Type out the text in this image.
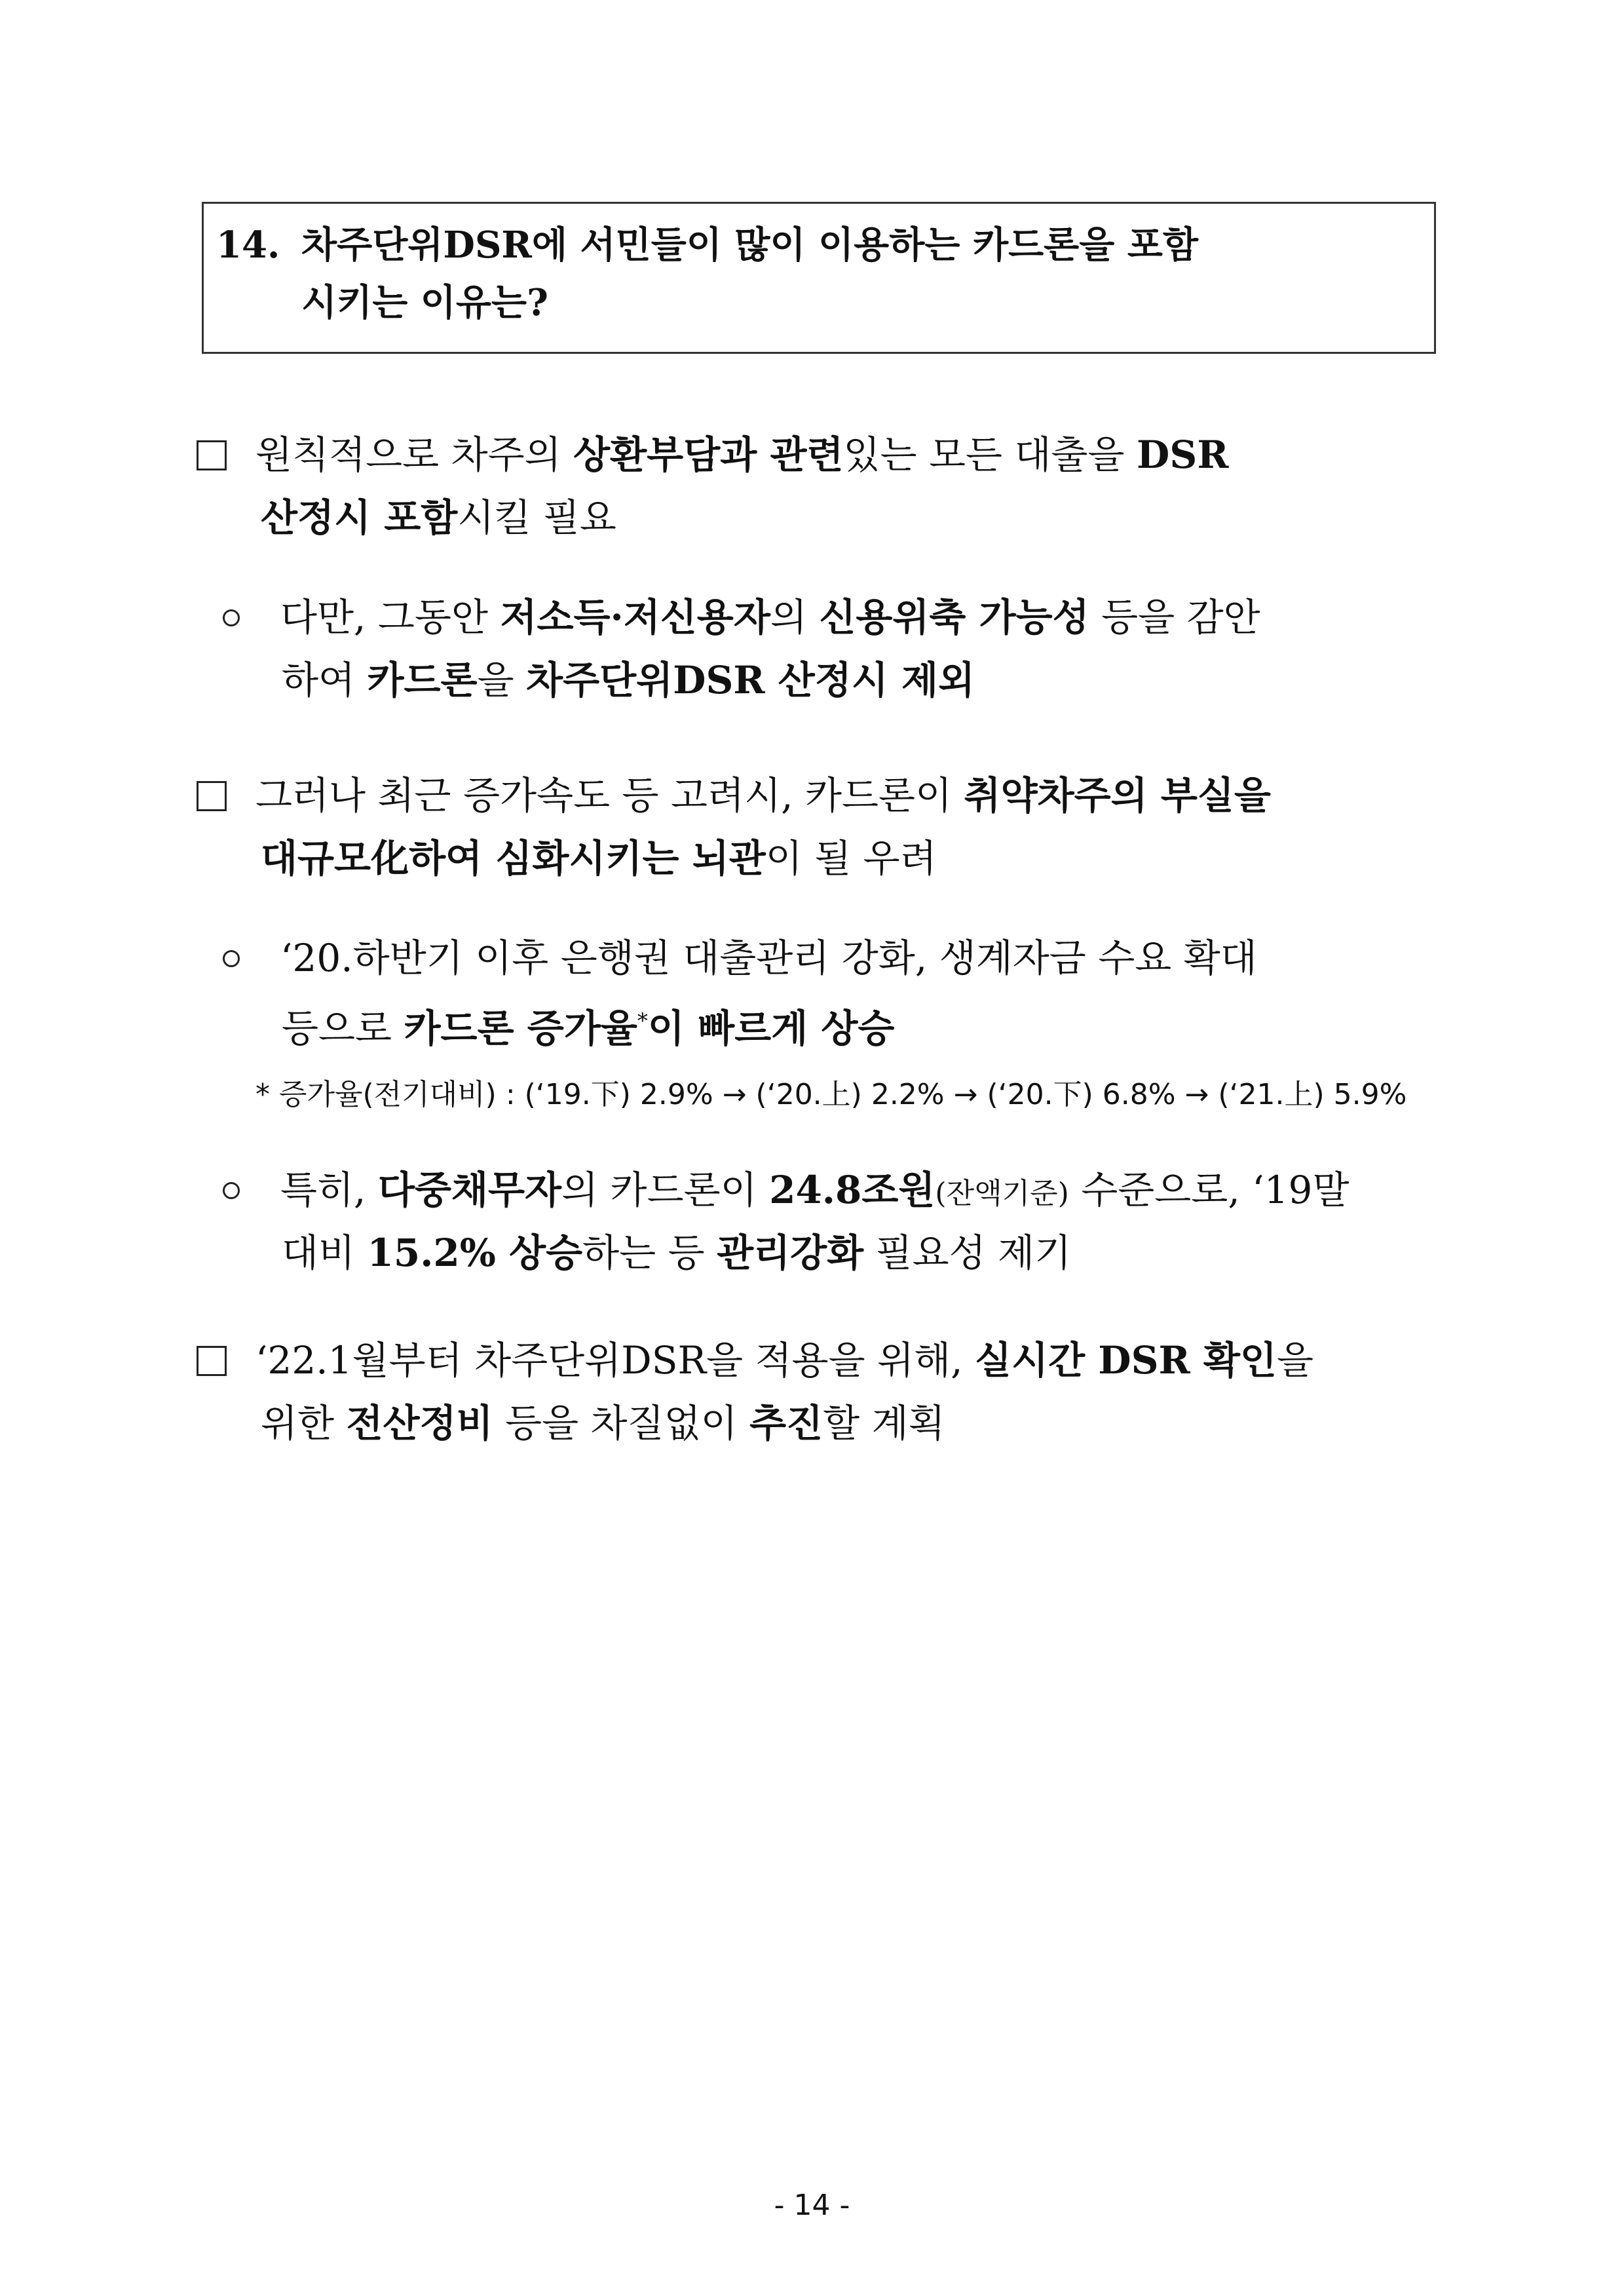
14. 차주단위DSR에 서민들이 많이 이용하는 카드론을 포함
시키는 이유는?
원칙적으로 차주의 상환부담과 관련있는 모든 대출을 DSR
산정시 포함시킬 필요
다만, 그동안 저소득·저신용자의 신용위축 가능성 등을 감안
하여 카드론을 차주단위DSR 산정시 제외
그러나 최근 증가속도 등 고려시, 카드론이 취약차주의 부실을
대규모化하여 심화시키는 뇌관이 될 우려
‘20.하반기 이후 은행권 대출관리 강화, 생계자금 수요 확대
등으로 카드론 증가율*이 빠르게 상승
* 증가율(전기대비) : (‘19.下) 2.9% → (‘20.上) 2.2% → (‘20.下) 6.8% → (‘21.上) 5.9%
특히, 다중채무자의 카드론이 24.8조원(잔액기준) 수준으로, ‘19말
대비 15.2% 상승하는 등 관리강화 필요성 제기
‘22.1월부터 차주단위DSR을 적용을 위해, 실시간 DSR 확인을
위한 전산정비 등을 차질없이 추진할 계획
- 14 -
